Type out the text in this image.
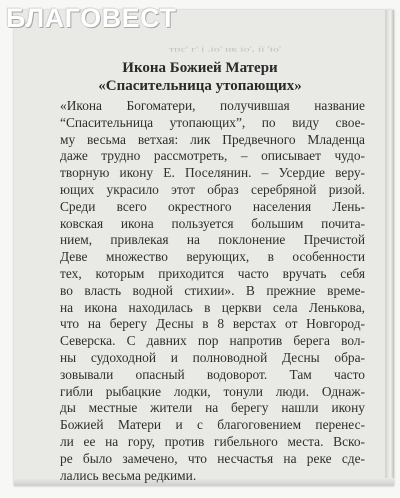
БЛАГОВЕСТ
тпс' г' і .іо' ик іо', ії 'іо'
Икона Божией Матери
«Спасительница утопающих»
«Икона Богоматери, получившая название
“Спасительница утопающих”, по виду свое-
му весьма ветхая: лик Предвечного Младенца
даже трудно рассмотреть, – описывает чудо-
творную икону Е. Поселянин. – Усердие веру-
ющих украсило этот образ серебряной ризой.
Среди всего окрестного населения Лень-
ковская икона пользуется большим почита-
нием, привлекая на поклонение Пречистой
Деве множество верующих, в особенности
тех, которым приходится часто вручать себя
во власть водной стихии». В прежние време-
на икона находилась в церкви села Ленькова,
что на берегу Десны в 8 верстах от Новгород-
Северска. С давних пор напротив берега вол-
ны судоходной и полноводной Десны обра-
зовывали опасный водоворот. Там часто
гибли рыбацкие лодки, тонули люди. Однаж-
ды местные жители на берегу нашли икону
Божией Матери и с благоговением перенес-
ли ее на гору, против гибельного места. Вско-
ре было замечено, что несчастья на реке сде-
лались весьма редкими.
